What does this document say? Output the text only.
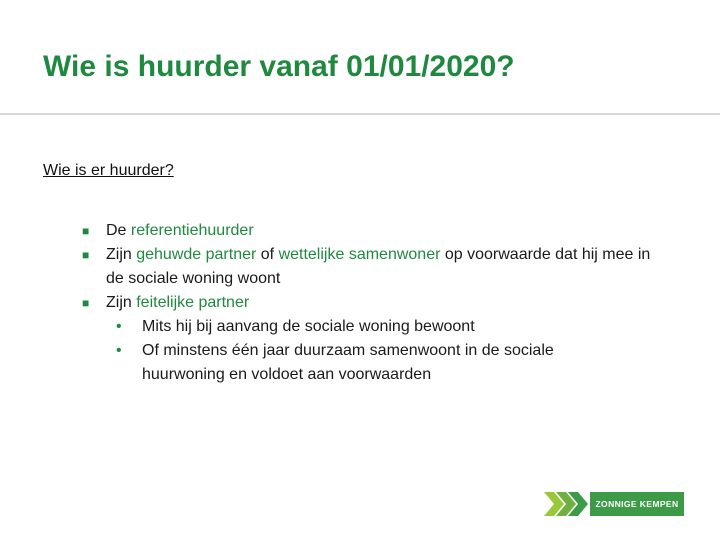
Wie is huurder vanaf 01/01/2020?
Wie is er huurder?
■ De referentiehuurder
■ Zijn gehuwde partner of wettelijke samenwoner op voorwaarde dat hij mee in de sociale woning woont
■ Zijn feitelijke partner
• Mits hij bij aanvang de sociale woning bewoont
• Of minstens één jaar duurzaam samenwoont in de sociale huurwoning en voldoet aan voorwaarden
ZONNIGE KEMPEN
